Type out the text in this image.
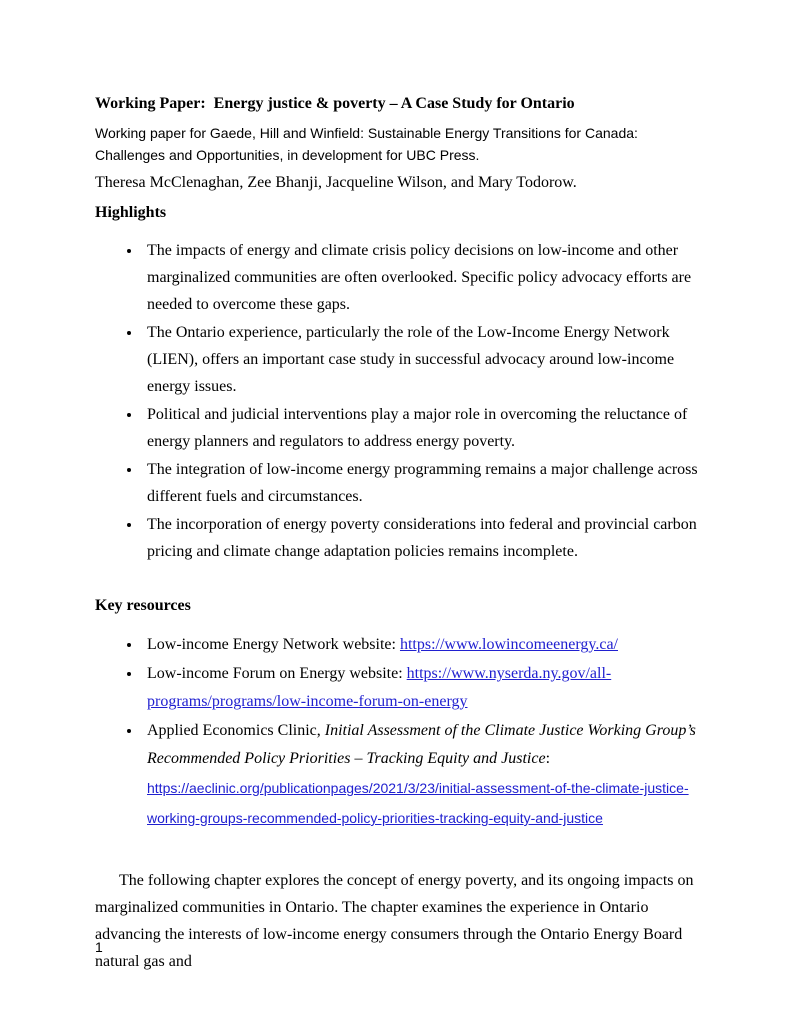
Working Paper:  Energy justice & poverty – A Case Study for Ontario

Working paper for Gaede, Hill and Winfield: Sustainable Energy Transitions for Canada: Challenges and Opportunities, in development for UBC Press.

Theresa McClenaghan, Zee Bhanji, Jacqueline Wilson, and Mary Todorow.

Highlights
• The impacts of energy and climate crisis policy decisions on low-income and other marginalized communities are often overlooked. Specific policy advocacy efforts are needed to overcome these gaps.
• The Ontario experience, particularly the role of the Low-Income Energy Network (LIEN), offers an important case study in successful advocacy around low-income energy issues.
• Political and judicial interventions play a major role in overcoming the reluctance of energy planners and regulators to address energy poverty.
• The integration of low-income energy programming remains a major challenge across different fuels and circumstances.
• The incorporation of energy poverty considerations into federal and provincial carbon pricing and climate change adaptation policies remains incomplete.
Key resources
• Low-income Energy Network website: https://www.lowincomeenergy.ca/
• Low-income Forum on Energy website: https://www.nyserda.ny.gov/all-programs/programs/low-income-forum-on-energy
• Applied Economics Clinic, Initial Assessment of the Climate Justice Working Group’s Recommended Policy Priorities – Tracking Equity and Justice: https://aeclinic.org/publicationpages/2021/3/23/initial-assessment-of-the-climate-justice-working-groups-recommended-policy-priorities-tracking-equity-and-justice

The following chapter explores the concept of energy poverty, and its ongoing impacts on marginalized communities in Ontario. The chapter examines the experience in Ontario advancing the interests of low-income energy consumers through the Ontario Energy Board natural gas and

1
